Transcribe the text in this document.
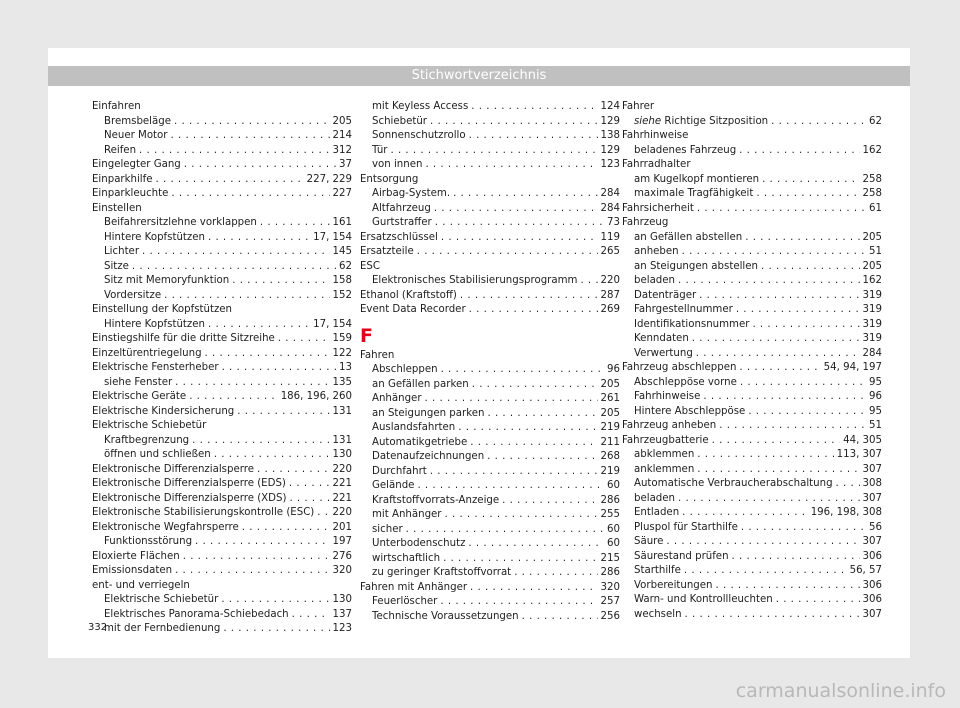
Stichwortverzeichnis
Einfahren
Bremsbeläge . . .	205
Neuer Motor . . .	214
Reifen . . .	312
Eingelegter Gang . . .	37
Einparkhilfe . . .	227, 229
Einparkleuchte . . .	227
Einstellen
Beifahrersitzlehne vorklappen . . .	161
Hintere Kopfstützen . . .	17, 154
Lichter . . .	145
Sitze . . .	62
Sitz mit Memoryfunktion . . .	158
Vordersitze . . .	152
Einstellung der Kopfstützen
Hintere Kopfstützen . . .	17, 154
Einstiegshilfe für die dritte Sitzreihe . . .	159
Einzeltürentriegelung . . .	122
Elektrische Fensterheber . . .	13
siehe Fenster . . .	135
Elektrische Geräte . . .	186, 196, 260
Elektrische Kindersicherung . . .	131
Elektrische Schiebetür
Kraftbegrenzung . . .	131
öffnen und schließen . . .	130
Elektronische Differenzialsperre . . .	220
Elektronische Differenzialsperre (EDS) . . .	221
Elektronische Differenzialsperre (XDS) . . .	221
Elektronische Stabilisierungskontrolle (ESC) . . . 220
Elektronische Wegfahrsperre . . .	201
Funktionsstörung . . .	197
Eloxierte Flächen . . .	276
Emissionsdaten . . .	320
ent- und verriegeln
Elektrische Schiebetür . . .	130
Elektrisches Panorama-Schiebedach . . .	137
mit der Fernbedienung . . .	123
mit Keyless Access . . .	124
Schiebetür . . .	129
Sonnenschutzrollo . . .	138
Tür . . .	129
von innen . . .	123
Entsorgung
Airbag-System. . . .	284
Altfahrzeug . . .	284
Gurtstraffer . . .	73
Ersatzschlüssel . . .	119
Ersatzteile . . .	265
ESC
Elektronisches Stabilisierungsprogramm . . . 220
Ethanol (Kraftstoff) . . .	287
Event Data Recorder . . .	269
F
Fahren
Abschleppen . . .	96
an Gefällen parken . . .	205
Anhänger . . .	261
an Steigungen parken . . .	205
Auslandsfahrten . . .	219
Automatikgetriebe . . .	211
Datenaufzeichnungen . . .	268
Durchfahrt . . .	219
Gelände . . .	60
Kraftstoffvorrats-Anzeige . . .	286
mit Anhänger . . .	255
sicher . . .	60
Unterbodenschutz . . .	60
wirtschaftlich . . .	215
zu geringer Kraftstoffvorrat . . .	286
Fahren mit Anhänger . . .	320
Feuerlöscher . . .	257
Technische Voraussetzungen . . .	256
Fahrer
siehe Richtige Sitzposition . . .	62
Fahrhinweise
beladenes Fahrzeug . . .	162
Fahrradhalter
am Kugelkopf montieren . . .	258
maximale Tragfähigkeit . . .	258
Fahrsicherheit . . .	61
Fahrzeug
an Gefällen abstellen . . .	205
anheben . . .	51
an Steigungen abstellen . . .	205
beladen . . .	162
Datenträger . . .	319
Fahrgestellnummer . . .	319
Identifikationsnummer . . .	319
Kenndaten . . .	319
Verwertung . . .	284
Fahrzeug abschleppen . . .	54, 94, 197
Abschleppöse vorne . . .	95
Fahrhinweise . . .	96
Hintere Abschleppöse . . .	95
Fahrzeug anheben . . .	51
Fahrzeugbatterie . . .	44, 305
abklemmen . . .	113, 307
anklemmen . . .	307
Automatische Verbraucherabschaltung . . .	308
beladen . . .	307
Entladen . . .	196, 198, 308
Pluspol für Starthilfe . . .	56
Säure . . .	307
Säurestand prüfen . . .	306
Starthilfe . . .	56, 57
Vorbereitungen . . .	306
Warn- und Kontrollleuchten . . .	306
wechseln . . .	307
332
carmanualsonline.info
